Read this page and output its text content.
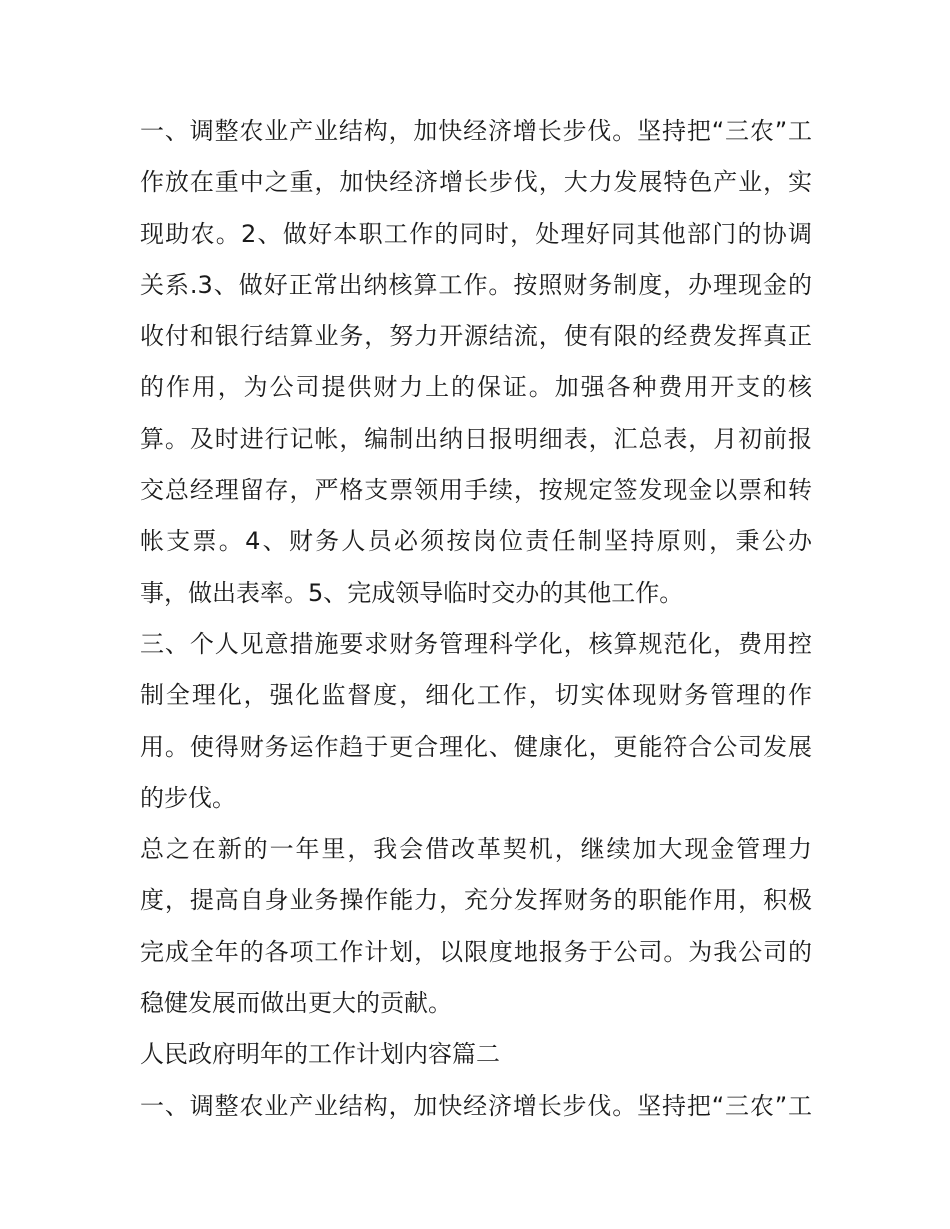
一、调整农业产业结构，加快经济增长步伐。坚持把“三农”工
作放在重中之重，加快经济增长步伐，大力发展特色产业，实
现助农。2、做好本职工作的同时，处理好同其他部门的协调
关系.3、做好正常出纳核算工作。按照财务制度，办理现金的
收付和银行结算业务，努力开源结流，使有限的经费发挥真正
的作用，为公司提供财力上的保证。加强各种费用开支的核
算。及时进行记帐，编制出纳日报明细表，汇总表，月初前报
交总经理留存，严格支票领用手续，按规定签发现金以票和转
帐支票。4、财务人员必须按岗位责任制坚持原则，秉公办
事，做出表率。5、完成领导临时交办的其他工作。
三、个人见意措施要求财务管理科学化，核算规范化，费用控
制全理化，强化监督度，细化工作，切实体现财务管理的作
用。使得财务运作趋于更合理化、健康化，更能符合公司发展
的步伐。
总之在新的一年里，我会借改革契机，继续加大现金管理力
度，提高自身业务操作能力，充分发挥财务的职能作用，积极
完成全年的各项工作计划，以限度地报务于公司。为我公司的
稳健发展而做出更大的贡献。
人民政府明年的工作计划内容篇二
一、调整农业产业结构，加快经济增长步伐。坚持把“三农”工
